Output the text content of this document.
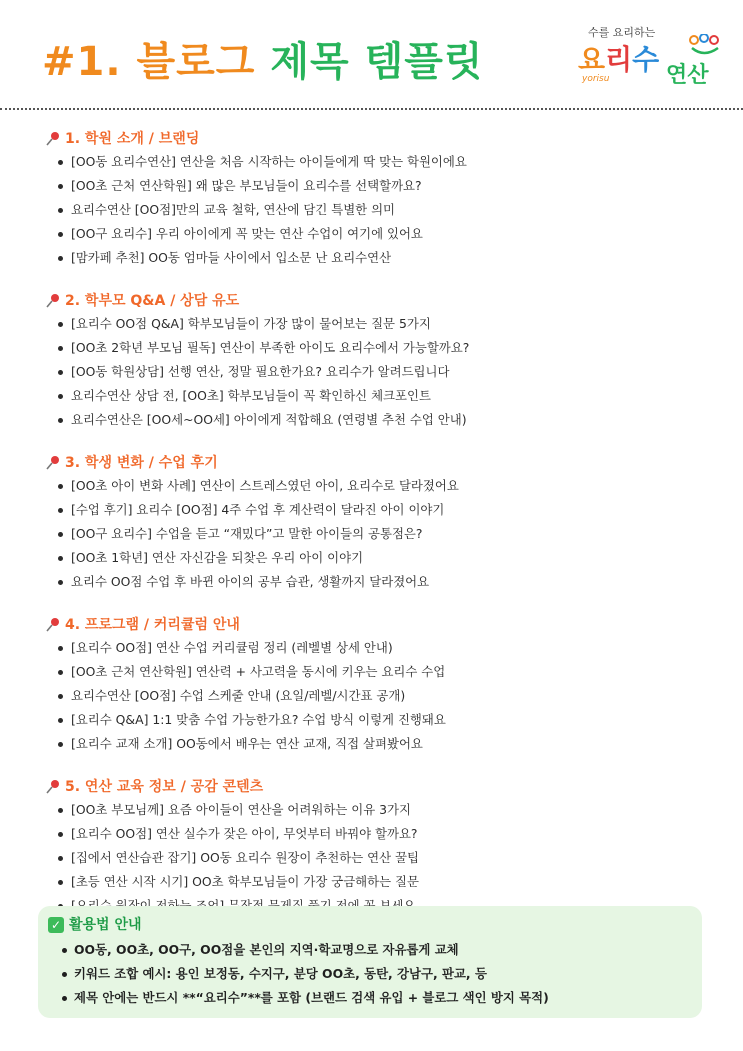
#1. 블로그 제목 템플릿
수를 요리하는
요리수 연산
yorisu
1. 학원 소개 / 브랜딩
[OO동 요리수연산] 연산을 처음 시작하는 아이들에게 딱 맞는 학원이에요
[OO초 근처 연산학원] 왜 많은 부모님들이 요리수를 선택할까요?
요리수연산 [OO점]만의 교육 철학, 연산에 담긴 특별한 의미
[OO구 요리수] 우리 아이에게 꼭 맞는 연산 수업이 여기에 있어요
[맘카페 추천] OO동 엄마들 사이에서 입소문 난 요리수연산
2. 학부모 Q&A / 상담 유도
[요리수 OO점 Q&A] 학부모님들이 가장 많이 물어보는 질문 5가지
[OO초 2학년 부모님 필독] 연산이 부족한 아이도 요리수에서 가능할까요?
[OO동 학원상담] 선행 연산, 정말 필요한가요? 요리수가 알려드립니다
요리수연산 상담 전, [OO초] 학부모님들이 꼭 확인하신 체크포인트
요리수연산은 [OO세~OO세] 아이에게 적합해요 (연령별 추천 수업 안내)
3. 학생 변화 / 수업 후기
[OO초 아이 변화 사례] 연산이 스트레스였던 아이, 요리수로 달라졌어요
[수업 후기] 요리수 [OO점] 4주 수업 후 계산력이 달라진 아이 이야기
[OO구 요리수] 수업을 듣고 “재밌다”고 말한 아이들의 공통점은?
[OO초 1학년] 연산 자신감을 되찾은 우리 아이 이야기
요리수 OO점 수업 후 바뀐 아이의 공부 습관, 생활까지 달라졌어요
4. 프로그램 / 커리큘럼 안내
[요리수 OO점] 연산 수업 커리큘럼 정리 (레벨별 상세 안내)
[OO초 근처 연산학원] 연산력 + 사고력을 동시에 키우는 요리수 수업
요리수연산 [OO점] 수업 스케줄 안내 (요일/레벨/시간표 공개)
[요리수 Q&A] 1:1 맞춤 수업 가능한가요? 수업 방식 이렇게 진행돼요
[요리수 교재 소개] OO동에서 배우는 연산 교재, 직접 살펴봤어요
5. 연산 교육 정보 / 공감 콘텐츠
[OO초 부모님께] 요즘 아이들이 연산을 어려워하는 이유 3가지
[요리수 OO점] 연산 실수가 잦은 아이, 무엇부터 바꿔야 할까요?
[집에서 연산습관 잡기] OO동 요리수 원장이 추천하는 연산 꿀팁
[초등 연산 시작 시기] OO초 학부모님들이 가장 궁금해하는 질문
✓ 활용법 안내
OO동, OO초, OO구, OO점을 본인의 지역·학교명으로 자유롭게 교체
키워드 조합 예시: 용인 보정동, 수지구, 분당 OO초, 동탄, 강남구, 판교, 등
제목 안에는 반드시 **“요리수”**를 포함 (브랜드 검색 유입 + 블로그 색인 방지 목적)
